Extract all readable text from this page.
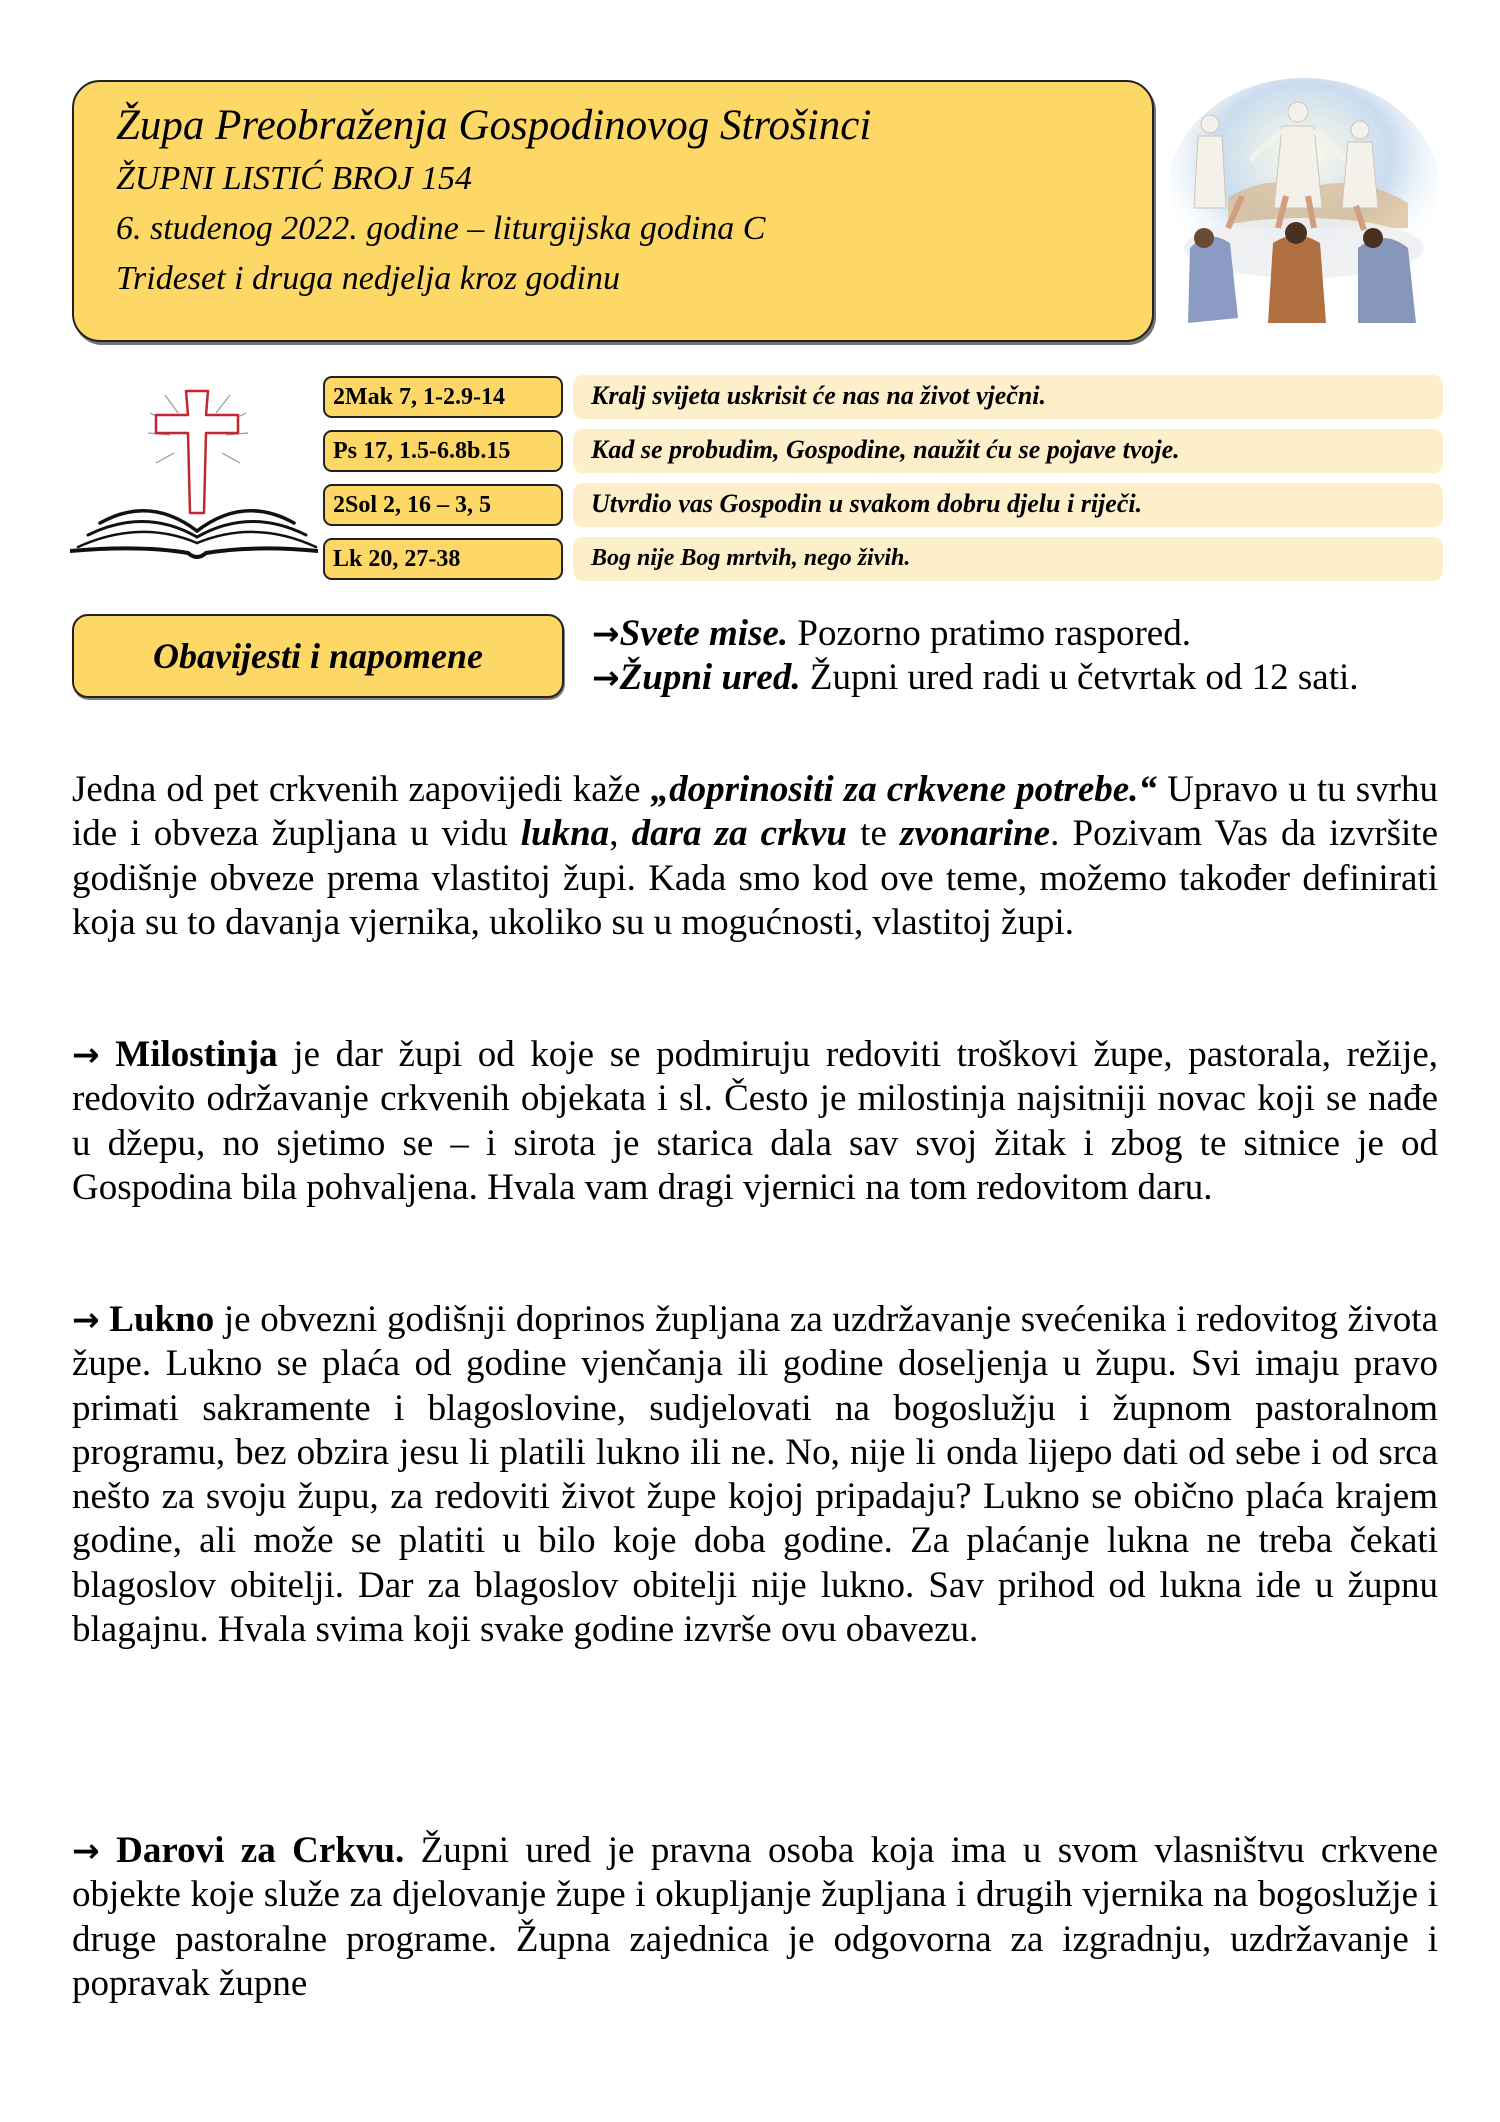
Župa Preobraženja Gospodinovog Strošinci
ŽUPNI LISTIĆ BROJ 154
6. studenog 2022. godine – liturgijska godina C
Trideset i druga nedjelja kroz godinu
2Mak 7, 1-2.9-14	Kralj svijeta uskrisit će nas na život vječni.
Ps 17, 1.5-6.8b.15	Kad se probudim, Gospodine, naužit ću se pojave tvoje.
2Sol 2, 16 – 3, 5	Utvrdio vas Gospodin u svakom dobru djelu i riječi.
Lk 20, 27-38	Bog nije Bog mrtvih, nego živih.
Obavijesti i napomene
→Svete mise. Pozorno pratimo raspored.
→Župni ured. Župni ured radi u četvrtak od 12 sati.
Jedna od pet crkvenih zapovijedi kaže „doprinositi za crkvene potrebe.“ Upravo u tu svrhu ide i obveza župljana u vidu lukna, dara za crkvu te zvonarine. Pozivam Vas da izvršite godišnje obveze prema vlastitoj župi. Kada smo kod ove teme, možemo također definirati koja su to davanja vjernika, ukoliko su u mogućnosti, vlastitoj župi.
→ Milostinja je dar župi od koje se podmiruju redoviti troškovi župe, pastorala, režije, redovito održavanje crkvenih objekata i sl. Često je milostinja najsitniji novac koji se nađe u džepu, no sjetimo se – i sirota je starica dala sav svoj žitak i zbog te sitnice je od Gospodina bila pohvaljena. Hvala vam dragi vjernici na tom redovitom daru.
→ Lukno je obvezni godišnji doprinos župljana za uzdržavanje svećenika i redovitog života župe. Lukno se plaća od godine vjenčanja ili godine doseljenja u župu. Svi imaju pravo primati sakramente i blagoslovine, sudjelovati na bogoslužju i župnom pastoralnom programu, bez obzira jesu li platili lukno ili ne. No, nije li onda lijepo dati od sebe i od srca nešto za svoju župu, za redoviti život župe kojoj pripadaju? Lukno se obično plaća krajem godine, ali može se platiti u bilo koje doba godine. Za plaćanje lukna ne treba čekati blagoslov obitelji. Dar za blagoslov obitelji nije lukno. Sav prihod od lukna ide u župnu blagajnu. Hvala svima koji svake godine izvrše ovu obavezu.
→ Darovi za Crkvu. Župni ured je pravna osoba koja ima u svom vlasništvu crkvene objekte koje služe za djelovanje župe i okupljanje župljana i drugih vjernika na bogoslužje i druge pastoralne programe. Župna zajednica je odgovorna za izgradnju, uzdržavanje i popravak župne
